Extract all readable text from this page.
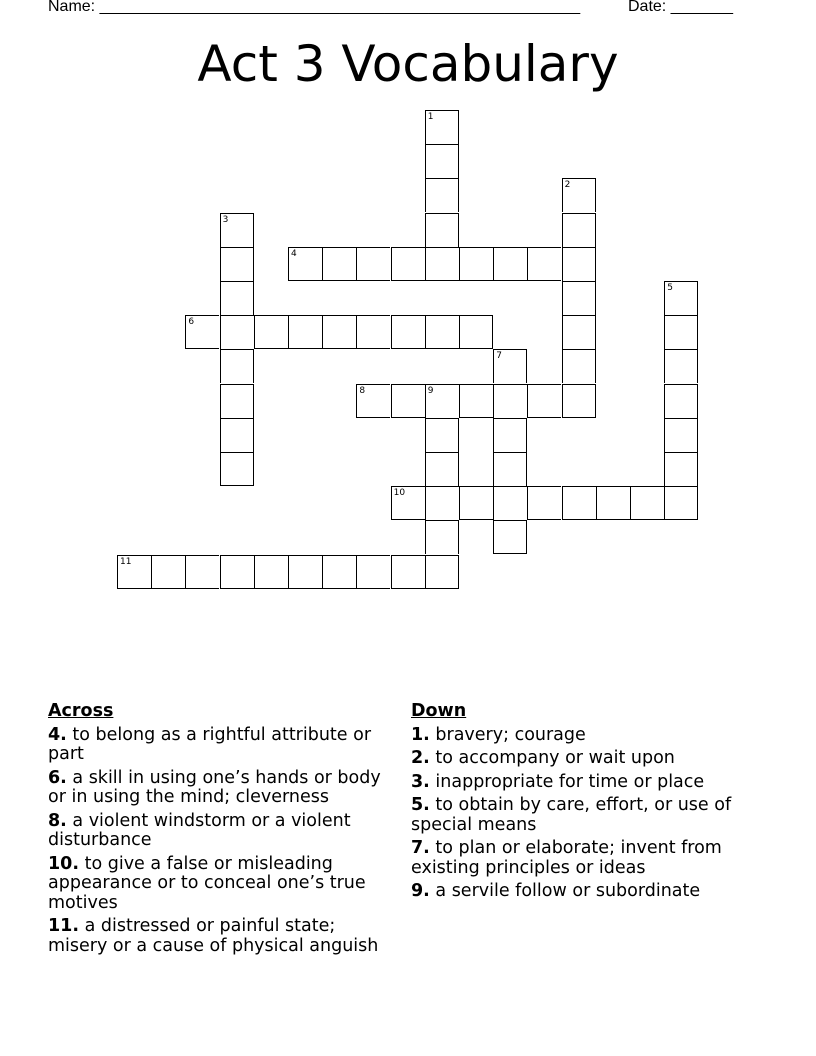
Name: ______________________________________________________	Date: _______
Act 3 Vocabulary
1
2
3
4
5
6
7
8	9
10
11
Across
4. to belong as a rightful attribute or part
6. a skill in using one’s hands or body or in using the mind; cleverness
8. a violent windstorm or a violent disturbance
10. to give a false or misleading appearance or to conceal one’s true motives
11. a distressed or painful state; misery or a cause of physical anguish
Down
1. bravery; courage
2. to accompany or wait upon
3. inappropriate for time or place
5. to obtain by care, effort, or use of special means
7. to plan or elaborate; invent from existing principles or ideas
9. a servile follow or subordinate
